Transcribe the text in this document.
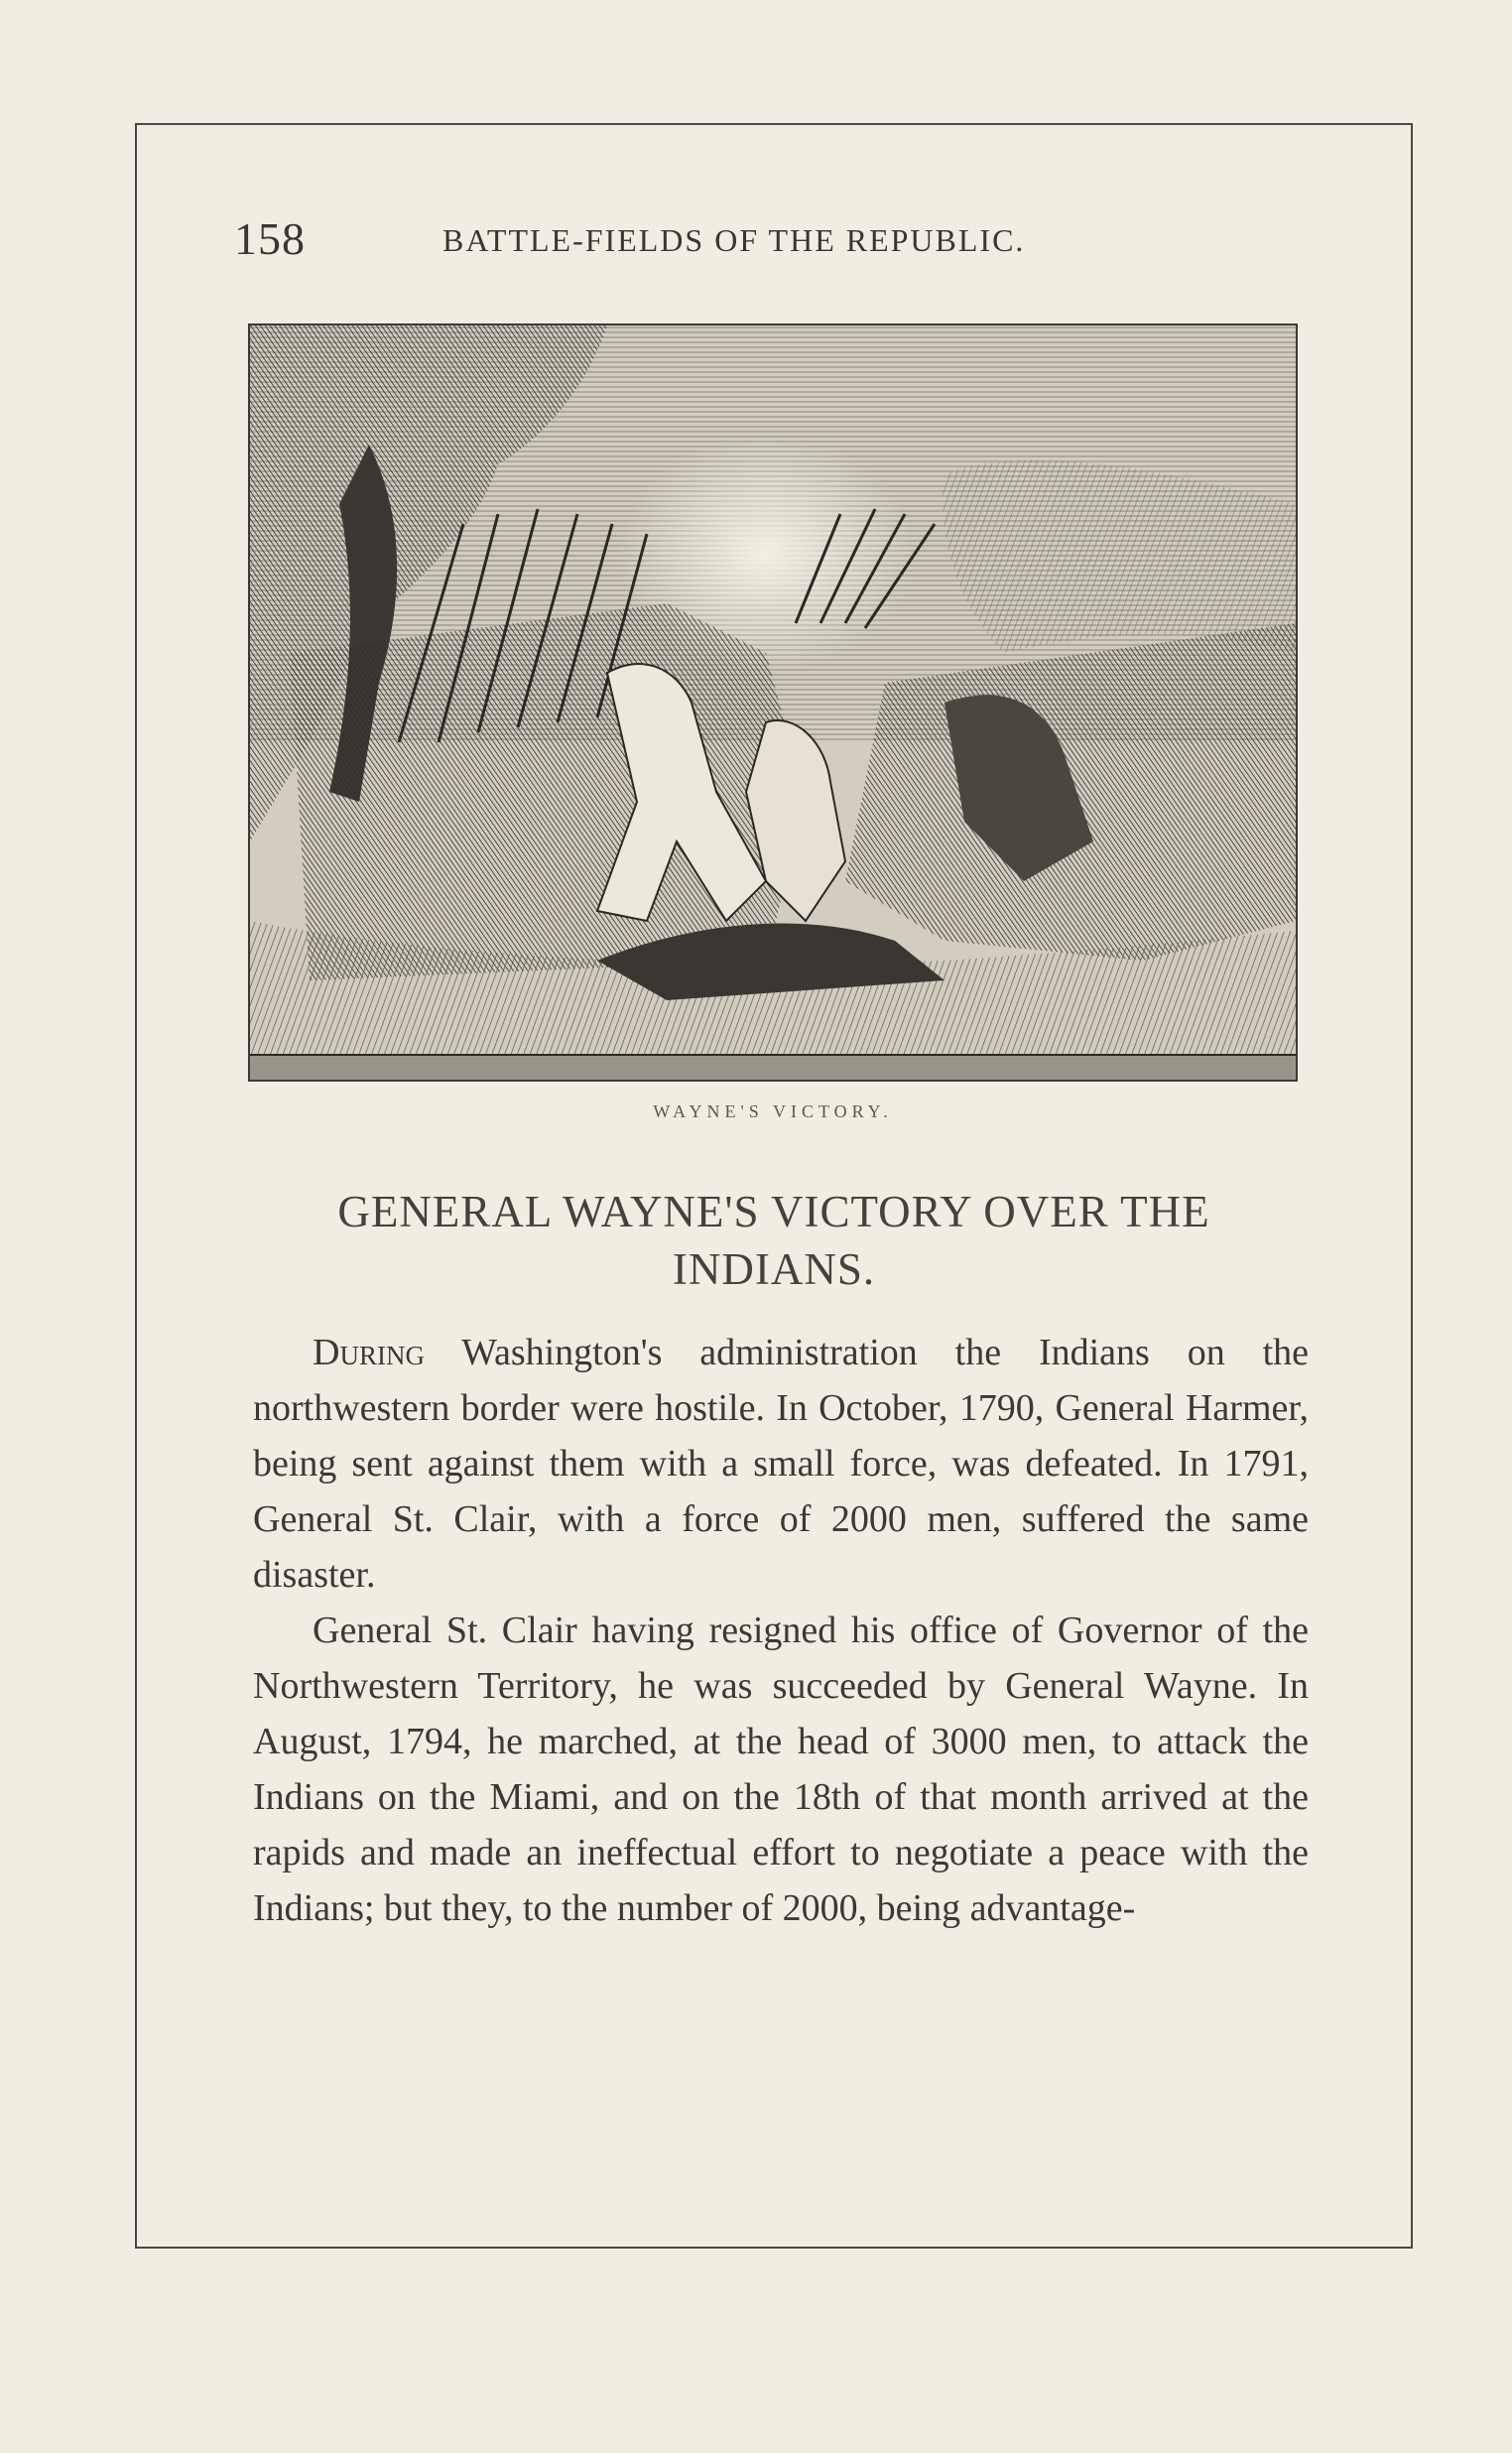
158	BATTLE-FIELDS OF THE REPUBLIC.
WAYNE'S VICTORY.
GENERAL WAYNE'S VICTORY OVER THE INDIANS.

During Washington's administration the Indians on the northwestern border were hostile. In October, 1790, General Harmer, being sent against them with a small force, was defeated. In 1791, General St. Clair, with a force of 2000 men, suffered the same disaster.

General St. Clair having resigned his office of Governor of the Northwestern Territory, he was succeeded by General Wayne. In August, 1794, he marched, at the head of 3000 men, to attack the Indians on the Miami, and on the 18th of that month arrived at the rapids and made an ineffectual effort to negotiate a peace with the Indians; but they, to the number of 2000, being advantage-
